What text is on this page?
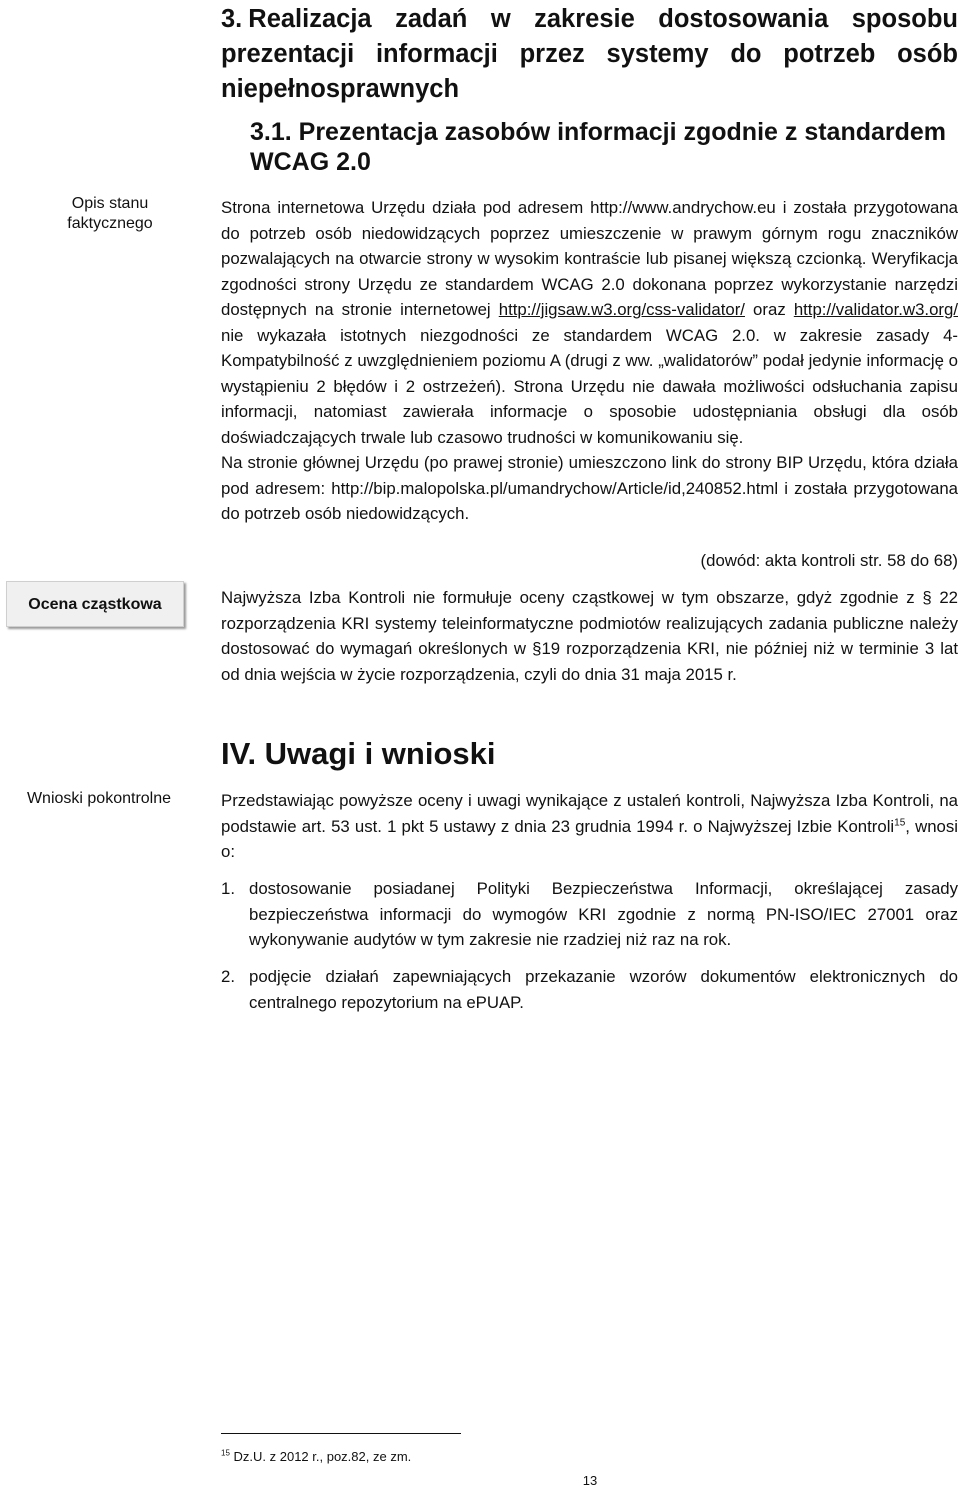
3. Realizacja zadań w zakresie dostosowania sposobu prezentacji informacji przez systemy do potrzeb osób niepełnosprawnych
3.1. Prezentacja zasobów informacji zgodnie z standardem WCAG 2.0
Opis stanu faktycznego
Ocena cząstkowa
Wnioski pokontrolne
Strona internetowa Urzędu działa pod adresem http://www.andrychow.eu i została przygotowana do potrzeb osób niedowidzących poprzez umieszczenie w prawym górnym rogu znaczników pozwalających na otwarcie strony w wysokim kontraście lub pisanej większą czcionką. Weryfikacja zgodności strony Urzędu ze standardem WCAG 2.0 dokonana poprzez wykorzystanie narzędzi dostępnych na stronie internetowej http://jigsaw.w3.org/css-validator/ oraz http://validator.w3.org/ nie wykazała istotnych niezgodności ze standardem WCAG 2.0. w zakresie zasady 4-Kompatybilność z uwzględnieniem poziomu A (drugi z ww. „walidatorów” podał jedynie informację o wystąpieniu 2 błędów i 2 ostrzeżeń). Strona Urzędu nie dawała możliwości odsłuchania zapisu informacji, natomiast zawierała informacje o sposobie udostępniania obsługi dla osób doświadczających trwale lub czasowo trudności w komunikowaniu się.
Na stronie głównej Urzędu (po prawej stronie) umieszczono link do strony BIP Urzędu, która działa pod adresem: http://bip.malopolska.pl/umandrychow/Article/id,240852.html i została przygotowana do potrzeb osób niedowidzących.
(dowód: akta kontroli str. 58 do 68)
Najwyższa Izba Kontroli nie formułuje oceny cząstkowej w tym obszarze, gdyż zgodnie z § 22 rozporządzenia KRI systemy teleinformatyczne podmiotów realizujących zadania publiczne należy dostosować do wymagań określonych w §19 rozporządzenia KRI, nie później niż w terminie 3 lat od dnia wejścia w życie rozporządzenia, czyli do dnia 31 maja 2015 r.
IV. Uwagi i wnioski
Przedstawiając powyższe oceny i uwagi wynikające z ustaleń kontroli, Najwyższa Izba Kontroli, na podstawie art. 53 ust. 1 pkt 5 ustawy z dnia 23 grudnia 1994 r. o Najwyższej Izbie Kontroli$^{15}$, wnosi o:
1. dostosowanie posiadanej Polityki Bezpieczeństwa Informacji, określającej zasady bezpieczeństwa informacji do wymogów KRI zgodnie z normą PN-ISO/IEC 27001 oraz wykonywanie audytów w tym zakresie nie rzadziej niż raz na rok.
2. podjęcie działań zapewniających przekazanie wzorów dokumentów elektronicznych do centralnego repozytorium na ePUAP.
$^{15}$ Dz.U. z 2012 r., poz.82, ze zm.
13
